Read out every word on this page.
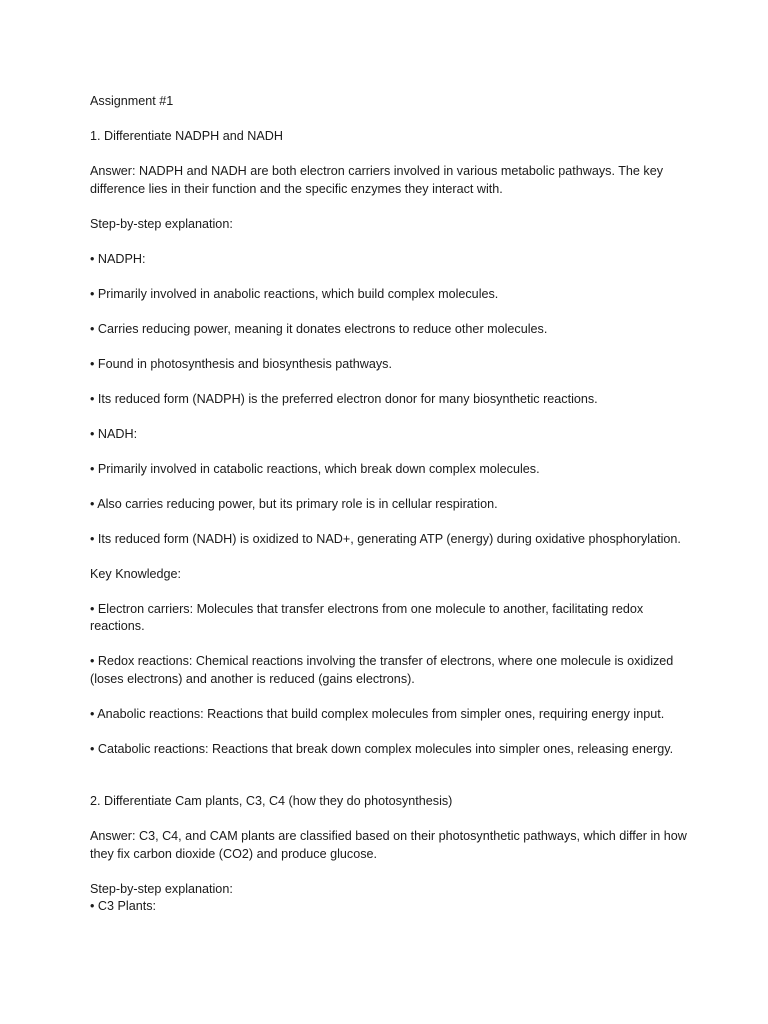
Assignment #1

1. Differentiate NADPH and NADH

Answer: NADPH and NADH are both electron carriers involved in various metabolic pathways. The key difference lies in their function and the specific enzymes they interact with.

Step-by-step explanation:

• NADPH:

• Primarily involved in anabolic reactions, which build complex molecules.

• Carries reducing power, meaning it donates electrons to reduce other molecules.

• Found in photosynthesis and biosynthesis pathways.

• Its reduced form (NADPH) is the preferred electron donor for many biosynthetic reactions.

• NADH:

• Primarily involved in catabolic reactions, which break down complex molecules.

• Also carries reducing power, but its primary role is in cellular respiration.

• Its reduced form (NADH) is oxidized to NAD+, generating ATP (energy) during oxidative phosphorylation.

Key Knowledge:

• Electron carriers: Molecules that transfer electrons from one molecule to another, facilitating redox reactions.

• Redox reactions: Chemical reactions involving the transfer of electrons, where one molecule is oxidized (loses electrons) and another is reduced (gains electrons).

• Anabolic reactions: Reactions that build complex molecules from simpler ones, requiring energy input.

• Catabolic reactions: Reactions that break down complex molecules into simpler ones, releasing energy.

2. Differentiate Cam plants, C3, C4 (how they do photosynthesis)

Answer: C3, C4, and CAM plants are classified based on their photosynthetic pathways, which differ in how they fix carbon dioxide (CO2) and produce glucose.

Step-by-step explanation:

• C3 Plants:
